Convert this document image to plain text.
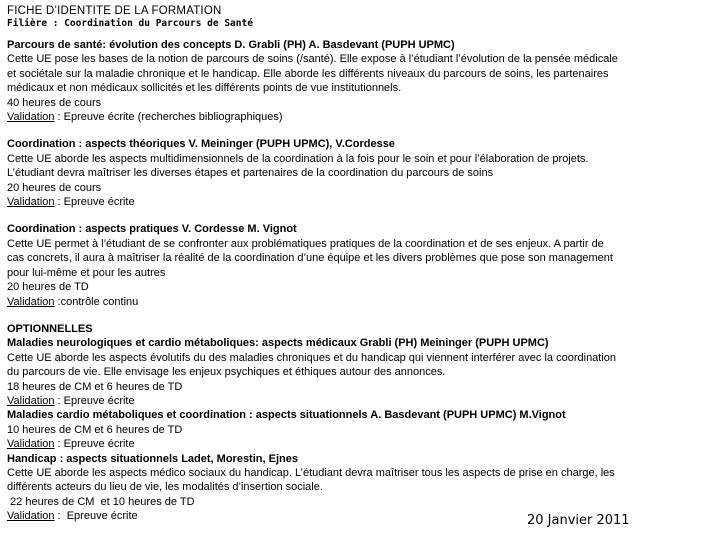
FICHE D’IDENTITE DE LA FORMATION
Filière : Coordination du Parcours de Santé
Parcours de santé: évolution des concepts D. Grabli (PH) A. Basdevant (PUPH UPMC)
Cette UE pose les bases de la notion de parcours de soins (/santé). Elle expose à l’étudiant l’évolution de la pensée médicale
et sociétale sur la maladie chronique et le handicap. Elle aborde les différents niveaux du parcours de soins, les partenaires
médicaux et non médicaux sollicités et les différents points de vue institutionnels.
40 heures de cours
Validation : Epreuve écrite (recherches bibliographiques)
Coordination : aspects théoriques V. Meininger (PUPH UPMC), V.Cordesse
Cette UE aborde les aspects multidimensionnels de la coordination à la fois pour le soin et pour l’élaboration de projets.
L’étudiant devra maîtriser les diverses étapes et partenaires de la coordination du parcours de soins
20 heures de cours
Validation : Epreuve écrite
Coordination : aspects pratiques V. Cordesse M. Vignot
Cette UE permet à l’étudiant de se confronter aux problématiques pratiques de la coordination et de ses enjeux. A partir de
cas concrets, il aura à maîtriser la réalité de la coordination d’une équipe et les divers problèmes que pose son management
pour lui-même et pour les autres
20 heures de TD
Validation :contrôle continu
OPTIONNELLES
Maladies neurologiques et cardio métaboliques: aspects médicaux Grabli (PH) Meininger (PUPH UPMC)
Cette UE aborde les aspects évolutifs du des maladies chroniques et du handicap qui viennent interférer avec la coordination
du parcours de vie. Elle envisage les enjeux psychiques et éthiques autour des annonces.
18 heures de CM et 6 heures de TD
Validation : Epreuve écrite
Maladies cardio métaboliques et coordination : aspects situationnels A. Basdevant (PUPH UPMC) M.Vignot
10 heures de CM et 6 heures de TD
Validation : Epreuve écrite
Handicap : aspects situationnels Ladet, Morestin, Ejnes
Cette UE aborde les aspects médico sociaux du handicap. L’étudiant devra maîtriser tous les aspects de prise en charge, les
différents acteurs du lieu de vie, les modalités d’insertion sociale.
22 heures de CM  et 10 heures de TD
Validation :  Epreuve écrite	20 Janvier 2011
